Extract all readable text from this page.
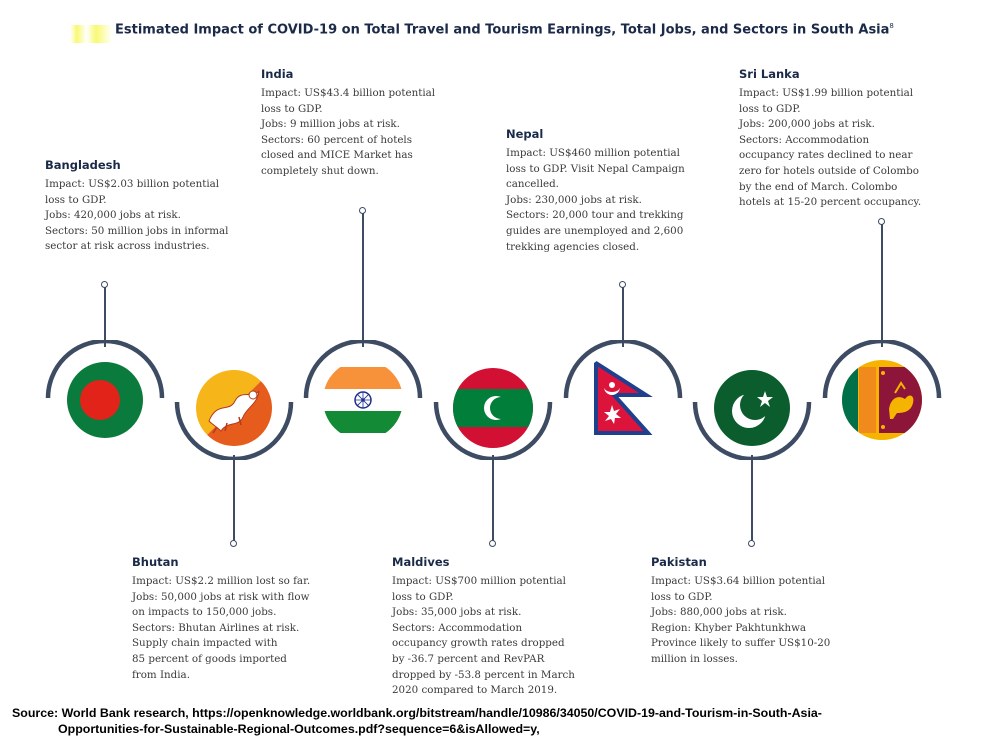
Estimated Impact of COVID-19 on Total Travel and Tourism Earnings, Total Jobs, and Sectors in South Asia$^8$
Bangladesh
Impact: US$2.03 billion potential
loss to GDP.
Jobs: 420,000 jobs at risk.
Sectors: 50 million jobs in informal
sector at risk across industries.
India
Impact: US$43.4 billion potential
loss to GDP.
Jobs: 9 million jobs at risk.
Sectors: 60 percent of hotels
closed and MICE Market has
completely shut down.
Nepal
Impact: US$460 million potential
loss to GDP. Visit Nepal Campaign
cancelled.
Jobs: 230,000 jobs at risk.
Sectors: 20,000 tour and trekking
guides are unemployed and 2,600
trekking agencies closed.
Sri Lanka
Impact: US$1.99 billion potential
loss to GDP.
Jobs: 200,000 jobs at risk.
Sectors: Accommodation
occupancy rates declined to near
zero for hotels outside of Colombo
by the end of March. Colombo
hotels at 15-20 percent occupancy.
Bhutan
Impact: US$2.2 million lost so far.
Jobs: 50,000 jobs at risk with flow
on impacts to 150,000 jobs.
Sectors: Bhutan Airlines at risk.
Supply chain impacted with
85 percent of goods imported
from India.
Maldives
Impact: US$700 million potential
loss to GDP.
Jobs: 35,000 jobs at risk.
Sectors: Accommodation
occupancy growth rates dropped
by -36.7 percent and RevPAR
dropped by -53.8 percent in March
2020 compared to March 2019.
Pakistan
Impact: US$3.64 billion potential
loss to GDP.
Jobs: 880,000 jobs at risk.
Region: Khyber Pakhtunkhwa
Province likely to suffer US$10-20
million in losses.
Source: World Bank research, https://openknowledge.worldbank.org/bitstream/handle/10986/34050/COVID-19-and-Tourism-in-South-Asia-
Opportunities-for-Sustainable-Regional-Outcomes.pdf?sequence=6&isAllowed=y,
